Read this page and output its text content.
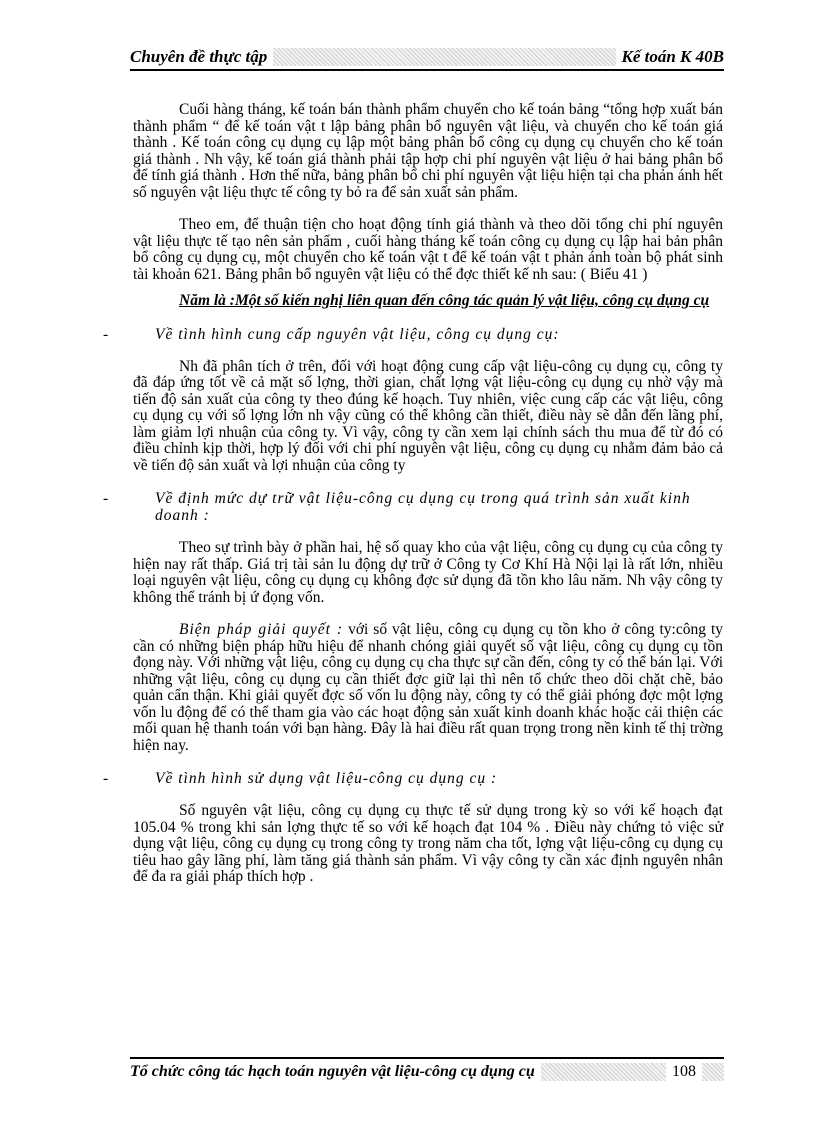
Chuyên đề thực tập	Kế toán K 40B

Cuối hàng tháng, kế toán bán thành phẩm chuyển cho kế toán bảng “tổng hợp xuất bán thành phẩm “ để kế toán vật t lập bảng phân bổ nguyên vật liệu, và chuyển cho kế toán giá thành . Kế toán công cụ dụng cụ lập một bảng phân bổ công cụ dụng cụ chuyển cho kế toán giá thành . Nh vậy, kế toán giá thành phải tập hợp chi phí nguyên vật liệu ở hai bảng phân bổ để tính giá thành . Hơn thế nữa, bảng phân bổ chi phí nguyên vật liệu hiện tại cha phản ánh hết số nguyên vật liệu thực tế công ty bỏ ra để sản xuất sản phẩm.

Theo em, để thuận tiện cho hoạt động tính giá thành và theo dõi tổng chi phí nguyên vật liệu thực tế tạo nên sản phẩm , cuối hàng tháng kế toán công cụ dụng cụ lập hai bản phân bổ công cụ dụng cụ, một chuyển cho kế toán vật t để kế toán vật t phản ánh toàn bộ phát sinh tài khoản 621. Bảng phân bổ nguyên vật liệu có thể đợc thiết kế nh sau: ( Biểu 41 )

Năm là :Một số kiến nghị liên quan đến công tác quản lý vật liệu, công cụ dụng cụ
-	Về tình hình cung cấp nguyên vật liệu, công cụ dụng cụ:

Nh đã phân tích ở trên, đối với hoạt động cung cấp vật liệu-công cụ dụng cụ, công ty đã đáp ứng tốt về cả mặt số lợng, thời gian, chất lợng vật liệu-công cụ dụng cụ nhờ vậy mà tiến độ sản xuất của công ty theo đúng kế hoạch. Tuy nhiên, việc cung cấp các vật liệu, công cụ dụng cụ với số lợng lớn nh vậy cũng có thể không cần thiết, điều này sẽ dẫn đến lãng phí, làm giảm lợi nhuận của công ty. Vì vậy, công ty cần xem lại chính sách thu mua để từ đó có điều chỉnh kịp thời, hợp lý đối với chi phí nguyên vật liệu, công cụ dụng cụ nhằm đảm bảo cả về tiến độ sản xuất và lợi nhuận của công ty

-	Về định mức dự trữ vật liệu-công cụ dụng cụ trong quá trình sản xuất kinh doanh :

Theo sự trình bày ở phần hai, hệ số quay kho của vật liệu, công cụ dụng cụ của công ty hiện nay rất thấp. Giá trị tài sản lu động dự trữ ở Công ty Cơ Khí Hà Nội lại là rất lớn, nhiều loại nguyên vật liệu, công cụ dụng cụ không đợc sử dụng đã tồn kho lâu năm. Nh vậy công ty không thể tránh bị ứ đọng vốn.

Biện pháp giải quyết : với số vật liệu, công cụ dụng cụ tồn kho ở công ty:công ty cần có những biện pháp hữu hiệu để nhanh chóng giải quyết số vật liệu, công cụ dụng cụ tồn đọng này. Với những vật liệu, công cụ dụng cụ cha thực sự cần đến, công ty có thể bán lại. Với những vật liệu, công cụ dụng cụ cần thiết đợc giữ lại thì nên tổ chức theo dõi chặt chẽ, bảo quản cẩn thận. Khi giải quyết đợc số vốn lu động này, công ty có thể giải phóng đợc một lợng vốn lu động để có thể tham gia vào các hoạt động sản xuất kinh doanh khác hoặc cải thiện các mối quan hệ thanh toán với bạn hàng. Đây là hai điều rất quan trọng trong nền kinh tế thị trờng hiện nay.

-	Về tình hình sử dụng vật liệu-công cụ dụng cụ :

Số nguyên vật liệu, công cụ dụng cụ thực tế sử dụng trong kỳ so với kế hoạch đạt 105.04 % trong khi sản lợng thực tế so với kế hoạch đạt 104 % . Điều này chứng tỏ việc sử dụng vật liệu, công cụ dụng cụ trong công ty trong năm cha tốt, lợng vật liệu-công cụ dụng cụ tiêu hao gây lãng phí, làm tăng giá thành sản phẩm. Vì vậy công ty cần xác định nguyên nhân để đa ra giải pháp thích hợp .

Tổ chức công tác hạch toán nguyên vật liệu-công cụ dụng cụ	108
